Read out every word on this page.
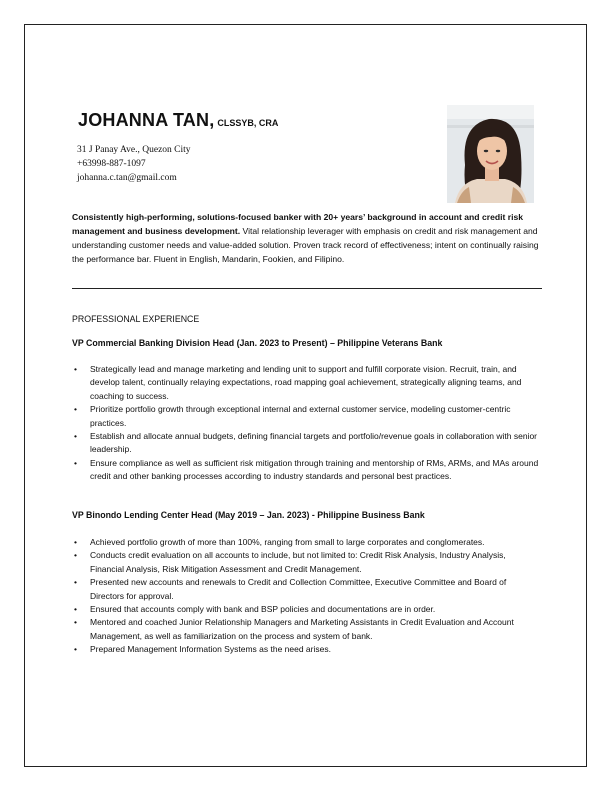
JOHANNA TAN, CLSSYB, CRA
31 J Panay Ave., Quezon City
+63998-887-1097
johanna.c.tan@gmail.com
Consistently high-performing, solutions-focused banker with 20+ years’ background in account and credit risk management and business development. Vital relationship leverager with emphasis on credit and risk management and understanding customer needs and value-added solution. Proven track record of effectiveness; intent on continually raising the performance bar. Fluent in English, Mandarin, Fookien, and Filipino.
PROFESSIONAL EXPERIENCE
VP Commercial Banking Division Head (Jan. 2023 to Present) – Philippine Veterans Bank
• Strategically lead and manage marketing and lending unit to support and fulfill corporate vision. Recruit, train, and develop talent, continually relaying expectations, road mapping goal achievement, strategically aligning teams, and coaching to success.
• Prioritize portfolio growth through exceptional internal and external customer service, modeling customer-centric practices.
• Establish and allocate annual budgets, defining financial targets and portfolio/revenue goals in collaboration with senior leadership.
• Ensure compliance as well as sufficient risk mitigation through training and mentorship of RMs, ARMs, and MAs around credit and other banking processes according to industry standards and personal best practices.
VP Binondo Lending Center Head (May 2019 – Jan. 2023) - Philippine Business Bank
• Achieved portfolio growth of more than 100%, ranging from small to large corporates and conglomerates.
• Conducts credit evaluation on all accounts to include, but not limited to: Credit Risk Analysis, Industry Analysis, Financial Analysis, Risk Mitigation Assessment and Credit Management.
• Presented new accounts and renewals to Credit and Collection Committee, Executive Committee and Board of Directors for approval.
• Ensured that accounts comply with bank and BSP policies and documentations are in order.
• Mentored and coached Junior Relationship Managers and Marketing Assistants in Credit Evaluation and Account Management, as well as familiarization on the process and system of bank.
• Prepared Management Information Systems as the need arises.
